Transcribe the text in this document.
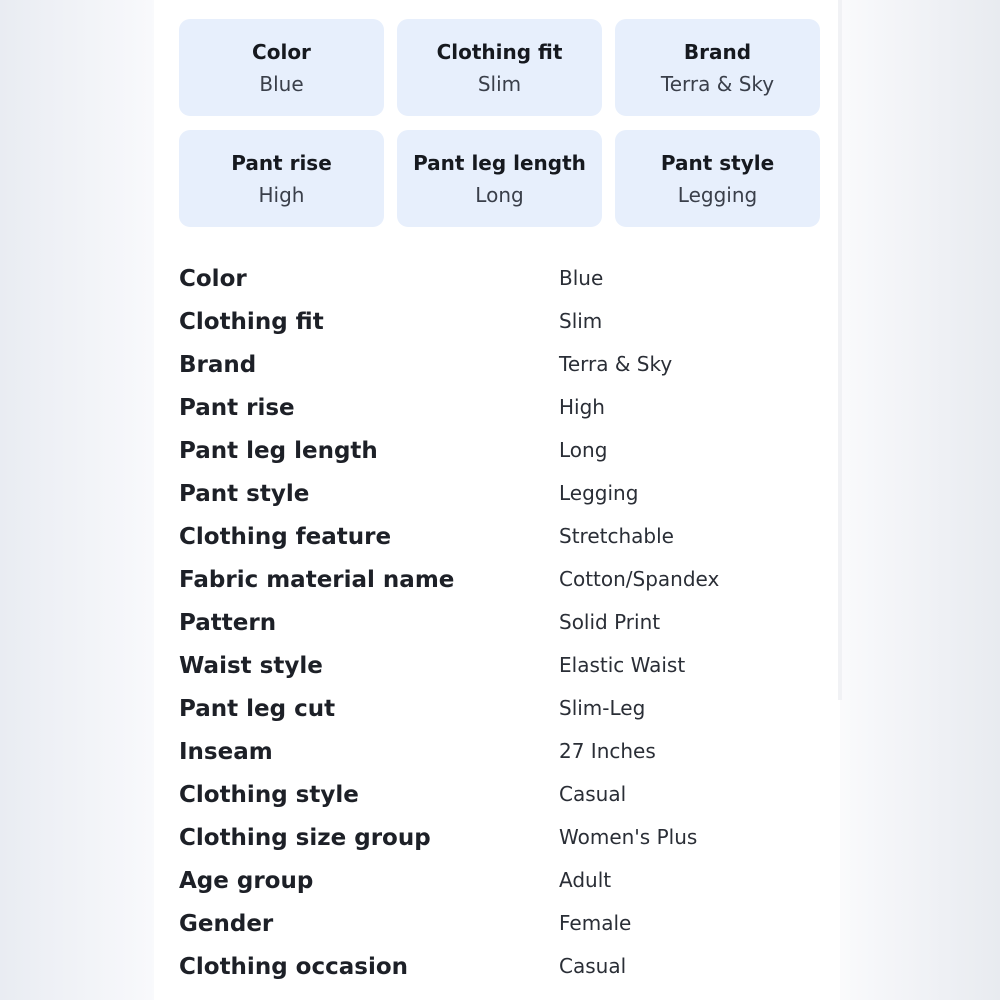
Color
Blue
Clothing fit
Slim
Brand
Terra & Sky
Pant rise
High
Pant leg length
Long
Pant style
Legging
Color	Blue
Clothing fit	Slim
Brand	Terra & Sky
Pant rise	High
Pant leg length	Long
Pant style	Legging
Clothing feature	Stretchable
Fabric material name	Cotton/Spandex
Pattern	Solid Print
Waist style	Elastic Waist
Pant leg cut	Slim-Leg
Inseam	27 Inches
Clothing style	Casual
Clothing size group	Women's Plus
Age group	Adult
Gender	Female
Clothing occasion	Casual
